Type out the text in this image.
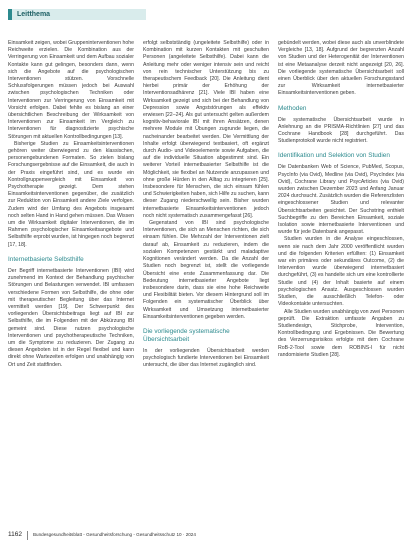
Leitthema

Einsamkeit zeigen, wobei Gruppeninterventionen hohe Reichweite erzielen. Die Kombination aus der Verringerung von Einsamkeit und dem Aufbau sozialer Kontakte kann gut gelingen, besonders dann, wenn sich die Angebote auf die psychologischen Interventionen stützen. Vorschnelle Schlussfolgerungen müssen jedoch bei Auswahl zwischen psychologischen Techniken oder Interventionen zur Verringerung von Einsamkeit mit Vorsicht erfolgen. Dabei fehlte es bislang an einer übersichtlichen Beschreibung der Wirksamkeit von Interventionen zur Einsamkeit im Vergleich zu Interventionen für diagnostizierte psychische Störungen mit aktuellen Kontrollbedingungen [13].

Bisherige Studien zu Einsamkeitsinterventionen gehören weiter überwiegend zu den klassischen, personengebundenen Formaten. So zielen bislang Forschungsergebnisse auf die Einsamkeit, die auch in der Praxis eingeführt sind, und es wurde ein Kontrollgruppenvergleich mit Einsamkeit von Psychotherapie gezeigt. Dem stehen Einsamkeitsinterventionen gegenüber, die zusätzlich zur Reduktion von Einsamkeit andere Ziele verfolgen. Zudem wird der Umfang des Angebots insgesamt noch selten Hand in Hand gehen müssen. Das Wissen um die Wirksamkeit digitaler Interventionen, die im Rahmen psychologischer Einsamkeitsangebote und Selbsthilfe erprobt wurden, ist hingegen noch begrenzt [17, 18].

Internetbasierte Selbsthilfe

Der Begriff internetbasierte Interventionen (IBI) wird zunehmend im Kontext der Behandlung psychischer Störungen und Belastungen verwendet. IBI umfassen verschiedene Formen von Selbsthilfe, die ohne oder mit therapeutischer Begleitung über das Internet vermittelt werden [19]. Der Schwerpunkt des vorliegenden Übersichtsbeitrags liegt auf IBI zur Selbsthilfe, die im Folgenden mit der Abkürzung IBI gemeint sind. Diese nutzen psychologische Interventionen und psychotherapeutische Techniken, um die Symptome zu reduzieren. Der Zugang zu diesen Angeboten ist in der Regel flexibel und kann direkt ohne Wartezeiten erfolgen und unabhängig von Ort und Zeit stattfinden.

erfolgt selbstständig (ungeleitete Selbsthilfe) oder in Kombination mit kurzen Kontakten mit geschulten Personen (angeleitete Selbsthilfe). Dabei kann die Anleitung mehr oder weniger intensiv sein und reicht von rein technischer Unterstützung bis zu therapeutischem Feedback [20]. Die Anleitung dient hierbei primär der Erhöhung der Interventionsadhärenz [21]. Viele IBI haben eine Wirksamkeit gezeigt und sich bei der Behandlung von Depression sowie Angststörungen als effektiv erwiesen [22–24]. Als gut untersucht gelten außerdem kognitiv-behaviorale IBI mit ihren Ansätzen, denen mehrere Module mit Übungen zugrunde liegen, die nacheinander bearbeitet werden. Die Vermittlung der Inhalte erfolgt überwiegend textbasiert, oft ergänzt durch Audio- und Videoelemente sowie Aufgaben, die auf die individuelle Situation abgestimmt sind. Ein weiterer Vorteil internetbasierter Selbsthilfe ist die Möglichkeit, sie flexibel an Nutzende anzupassen und ohne große Hürden in den Alltag zu integrieren [25]. Insbesondere für Menschen, die sich einsam fühlen und Schwierigkeiten haben, sich Hilfe zu suchen, kann dieser Zugang niederschwellig sein. Bisher wurden internetbasierte Einsamkeitsinterventionen jedoch noch nicht systematisch zusammengefasst [26].

Gegenstand von IBI sind psychologische Interventionen, die sich an Menschen richten, die sich einsam fühlen. Die Mehrzahl der Interventionen zielt darauf ab, Einsamkeit zu reduzieren, indem die sozialen Kompetenzen gestärkt und maladaptive Kognitionen verändert werden. Da die Anzahl der Studien noch begrenzt ist, stellt die vorliegende Übersicht eine erste Zusammenfassung dar. Die Bedeutung internetbasierter Angebote liegt insbesondere darin, dass sie eine hohe Reichweite und Flexibilität bieten. Vor diesem Hintergrund soll im Folgenden ein systematischer Überblick über Wirksamkeit und Umsetzung internetbasierter Einsamkeitsinterventionen gegeben werden.

Die vorliegende systematische Übersichtsarbeit

In der vorliegenden Übersichtsarbeit werden psychologisch fundierte Interventionen bei Einsamkeit untersucht, die über das Internet zugänglich sind.

gebündelt werden, wobei diese auch als unverblindete Vergleiche [13, 18]. Aufgrund der begrenzten Anzahl von Studien und der Heterogenität der Interventionen ist eine Metaanalyse derzeit nicht angezeigt [20, 26]. Die vorliegende systematische Übersichtsarbeit soll einen Überblick über den aktuellen Forschungsstand zur Wirksamkeit internetbasierter Einsamkeitsinterventionen geben.

Methoden

Die systematische Übersichtsarbeit wurde in Anlehnung an die PRISMA-Richtlinien [27] und das Cochrane Handbook [28] durchgeführt. Das Studienprotokoll wurde nicht registriert.

Identifikation und Selektion von Studien

Die Datenbanken Web of Science, PubMed, Scopus, PsycInfo (via Ovid), Medline (via Ovid), PsycIndex (via Ovid), Cochrane Library und PsycArticles (via Ovid) wurden zwischen Dezember 2023 und Anfang Januar 2024 durchsucht. Zusätzlich wurden die Referenzlisten eingeschlossener Studien und relevanter Übersichtsarbeiten gesichtet. Der Suchstring enthielt Suchbegriffe zu den Bereichen Einsamkeit, soziale Isolation sowie internetbasierte Interventionen und wurde für jede Datenbank angepasst.

Studien wurden in die Analyse eingeschlossen, wenn sie nach dem Jahr 2000 veröffentlicht wurden und die folgenden Kriterien erfüllten: (1) Einsamkeit war ein primäres oder sekundäres Outcome, (2) die Intervention wurde überwiegend internetbasiert durchgeführt, (3) es handelte sich um eine kontrollierte Studie und (4) der Inhalt basierte auf einem psychologischen Ansatz. Ausgeschlossen wurden Studien, die ausschließlich Telefon- oder Videokontakte untersuchten.

Alle Studien wurden unabhängig von zwei Personen geprüft. Die Extraktion umfasste Angaben zu Studiendesign, Stichprobe, Intervention, Kontrollbedingung und Ergebnissen. Die Bewertung des Verzerrungsrisikos erfolgte mit dem Cochrane RoB-2-Tool sowie dem ROBINS-I für nicht randomisierte Studien [28].

1162 Bundesgesundheitsblatt - Gesundheitsforschung - Gesundheitsschutz 10 · 2024
